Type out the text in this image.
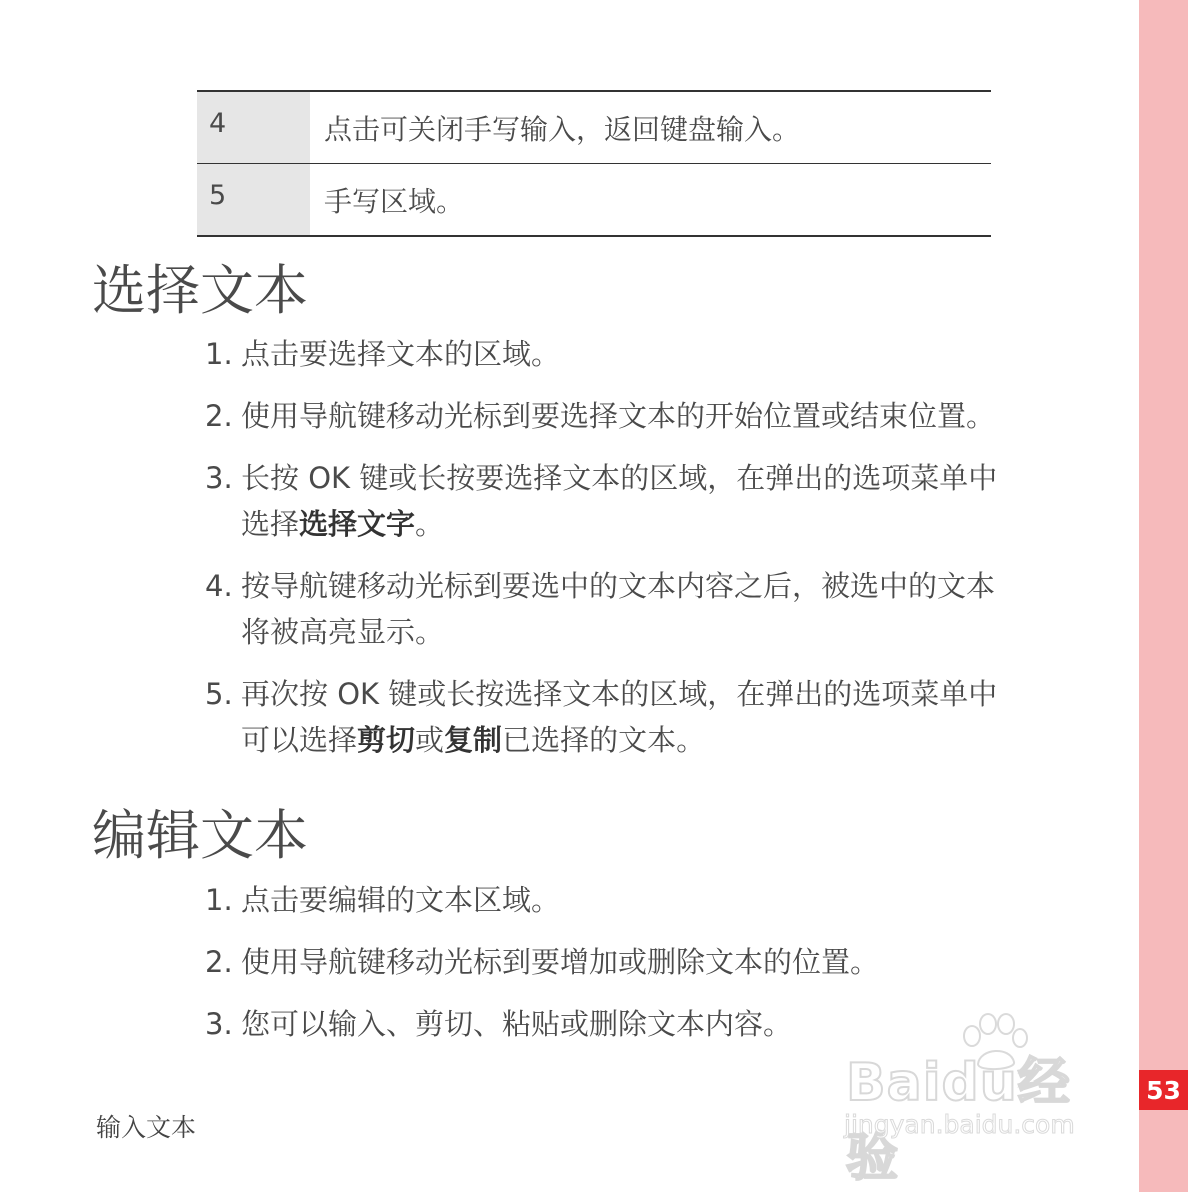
53
4	点击可关闭手写输入，返回键盘输入。
5	手写区域。
选择文本
1. 点击要选择文本的区域。
2. 使用导航键移动光标到要选择文本的开始位置或结束位置。
3. 长按 OK 键或长按要选择文本的区域，在弹出的选项菜单中
选择选择文字。
4. 按导航键移动光标到要选中的文本内容之后，被选中的文本
将被高亮显示。
5. 再次按 OK 键或长按选择文本的区域，在弹出的选项菜单中
可以选择剪切或复制已选择的文本。
编辑文本
1. 点击要编辑的文本区域。
2. 使用导航键移动光标到要增加或删除文本的位置。
3. 您可以输入、剪切、粘贴或删除文本内容。
输入文本
Baidu经验
jingyan.baidu.com
